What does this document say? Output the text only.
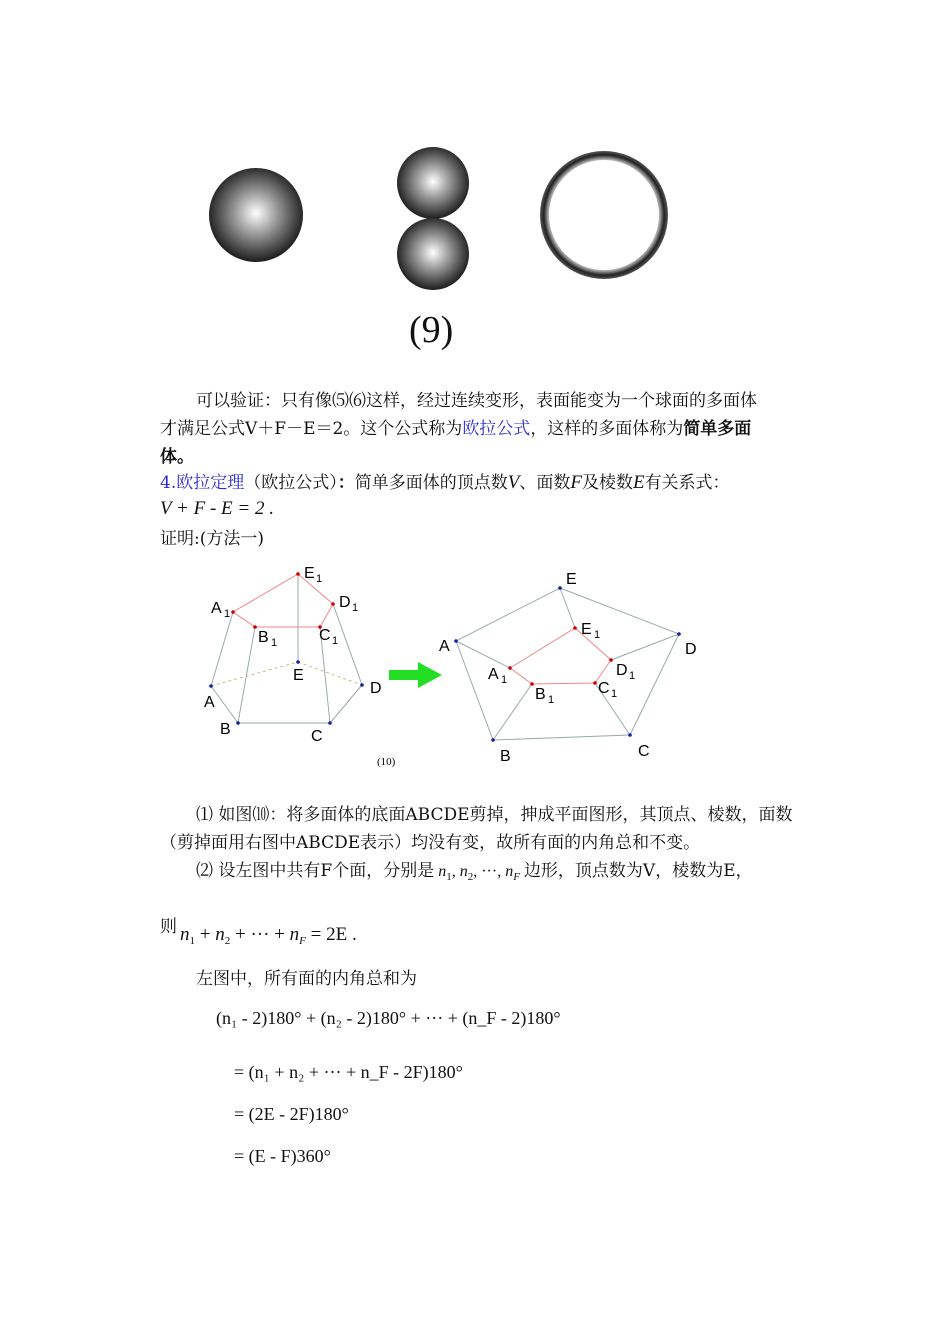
(9)
可以验证：只有像⑸⑹这样，经过连续变形，表面能变为一个球面的多面体
才满足公式V＋F－E＝2。这个公式称为欧拉公式，这样的多面体称为简单多面
体。
4.欧拉定理（欧拉公式）：简单多面体的顶点数V、面数F及棱数E有关系式：
V + F - E = 2 .
证明:(方法一)
E 1
D 1
C 1
B 1
A 1
E
D
C
B
A
E
D
C
B
A
E 1
D 1
C 1
B 1
A 1
(10)
⑴ 如图⑽：将多面体的底面ABCDE剪掉，抻成平面图形，其顶点、棱数，面数
（剪掉面用右图中ABCDE表示）均没有变，故所有面的内角总和不变。
⑵ 设左图中共有F个面，分别是 $n_1$, $n_2$, ···, $n_F$ 边形，顶点数为V，棱数为E，
则 $n_1 + n_2$ + ··· + $n_F = 2E$ .
左图中，所有面的内角总和为
(n₁ - 2)180° + (n₂ - 2)180° + ··· + (n_F - 2)180°
= (n₁ + n₂ + ··· + n_F - 2F)180°
= (2E - 2F)180°
= (E - F)360°
